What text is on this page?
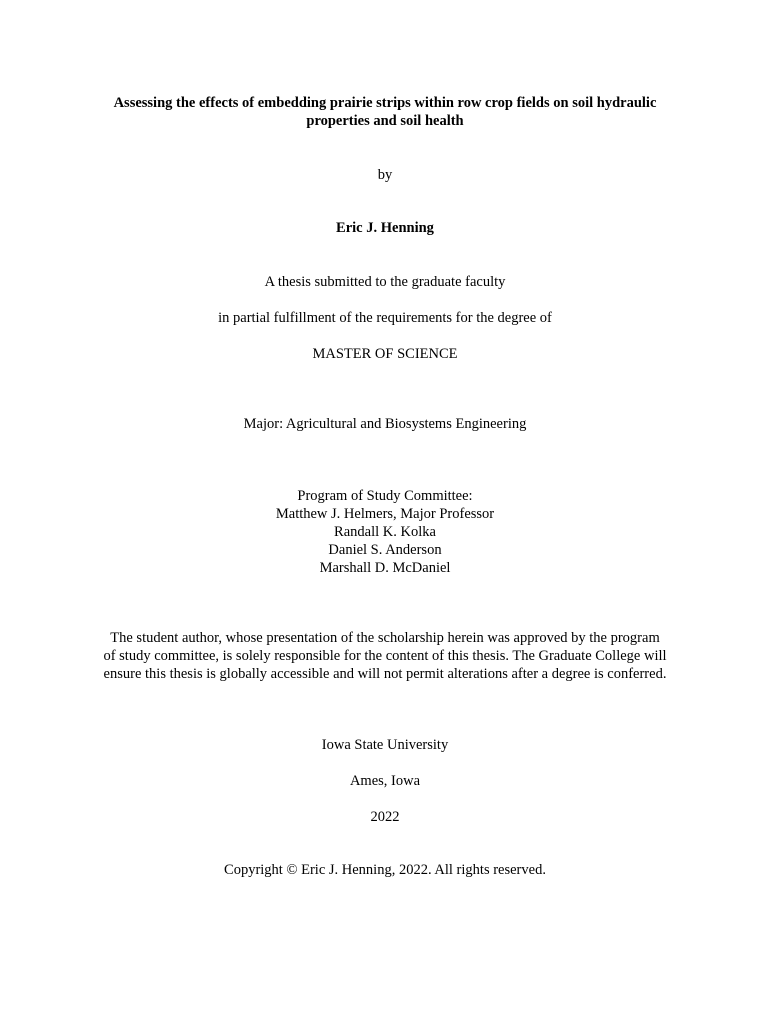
Assessing the effects of embedding prairie strips within row crop fields on soil hydraulic
properties and soil health
by
Eric J. Henning
A thesis submitted to the graduate faculty
in partial fulfillment of the requirements for the degree of
MASTER OF SCIENCE
Major: Agricultural and Biosystems Engineering
Program of Study Committee:
Matthew J. Helmers, Major Professor
Randall K. Kolka
Daniel S. Anderson
Marshall D. McDaniel
The student author, whose presentation of the scholarship herein was approved by the program
of study committee, is solely responsible for the content of this thesis. The Graduate College will
ensure this thesis is globally accessible and will not permit alterations after a degree is conferred.
Iowa State University
Ames, Iowa
2022
Copyright © Eric J. Henning, 2022. All rights reserved.
